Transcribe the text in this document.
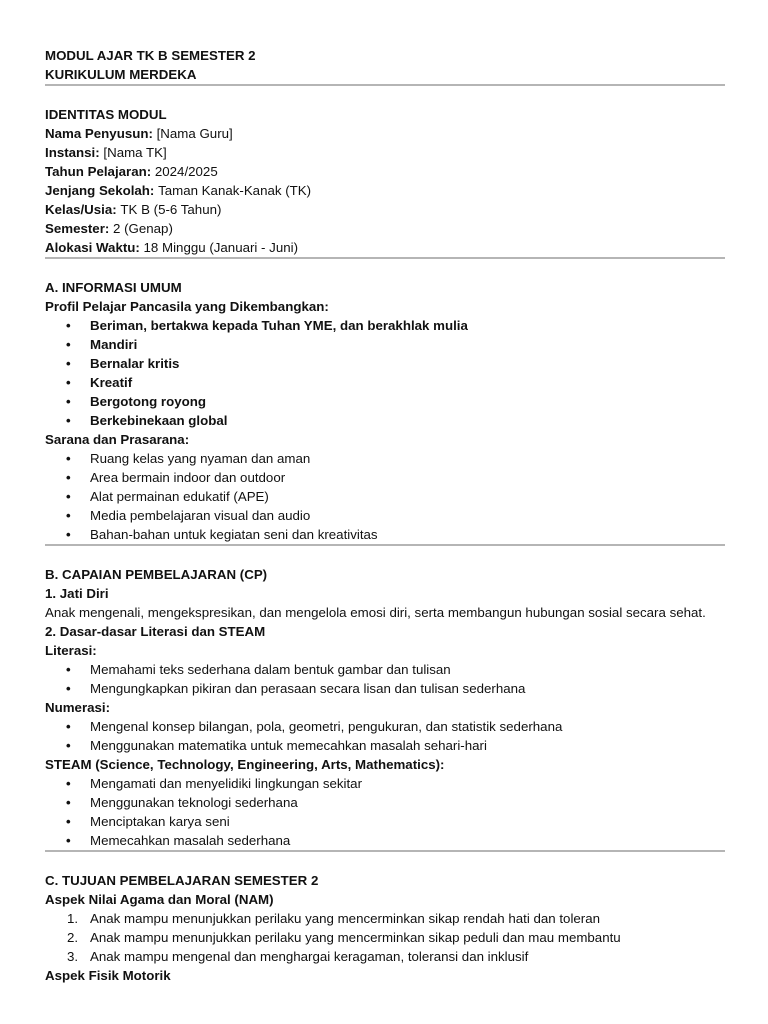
MODUL AJAR TK B SEMESTER 2
KURIKULUM MERDEKA
IDENTITAS MODUL
Nama Penyusun: [Nama Guru]
Instansi: [Nama TK]
Tahun Pelajaran: 2024/2025
Jenjang Sekolah: Taman Kanak-Kanak (TK)
Kelas/Usia: TK B (5-6 Tahun)
Semester: 2 (Genap)
Alokasi Waktu: 18 Minggu (Januari - Juni)
A. INFORMASI UMUM
Profil Pelajar Pancasila yang Dikembangkan:
• Beriman, bertakwa kepada Tuhan YME, dan berakhlak mulia
• Mandiri
• Bernalar kritis
• Kreatif
• Bergotong royong
• Berkebinekaan global
Sarana dan Prasarana:
• Ruang kelas yang nyaman dan aman
• Area bermain indoor dan outdoor
• Alat permainan edukatif (APE)
• Media pembelajaran visual dan audio
• Bahan-bahan untuk kegiatan seni dan kreativitas
B. CAPAIAN PEMBELAJARAN (CP)
1. Jati Diri
Anak mengenali, mengekspresikan, dan mengelola emosi diri, serta membangun hubungan sosial secara sehat.
2. Dasar-dasar Literasi dan STEAM
Literasi:
• Memahami teks sederhana dalam bentuk gambar dan tulisan
• Mengungkapkan pikiran dan perasaan secara lisan dan tulisan sederhana
Numerasi:
• Mengenal konsep bilangan, pola, geometri, pengukuran, dan statistik sederhana
• Menggunakan matematika untuk memecahkan masalah sehari-hari
STEAM (Science, Technology, Engineering, Arts, Mathematics):
• Mengamati dan menyelidiki lingkungan sekitar
• Menggunakan teknologi sederhana
• Menciptakan karya seni
• Memecahkan masalah sederhana
C. TUJUAN PEMBELAJARAN SEMESTER 2
Aspek Nilai Agama dan Moral (NAM)
1. Anak mampu menunjukkan perilaku yang mencerminkan sikap rendah hati dan toleran
2. Anak mampu menunjukkan perilaku yang mencerminkan sikap peduli dan mau membantu
3. Anak mampu mengenal dan menghargai keragaman, toleransi dan inklusif
Aspek Fisik Motorik
